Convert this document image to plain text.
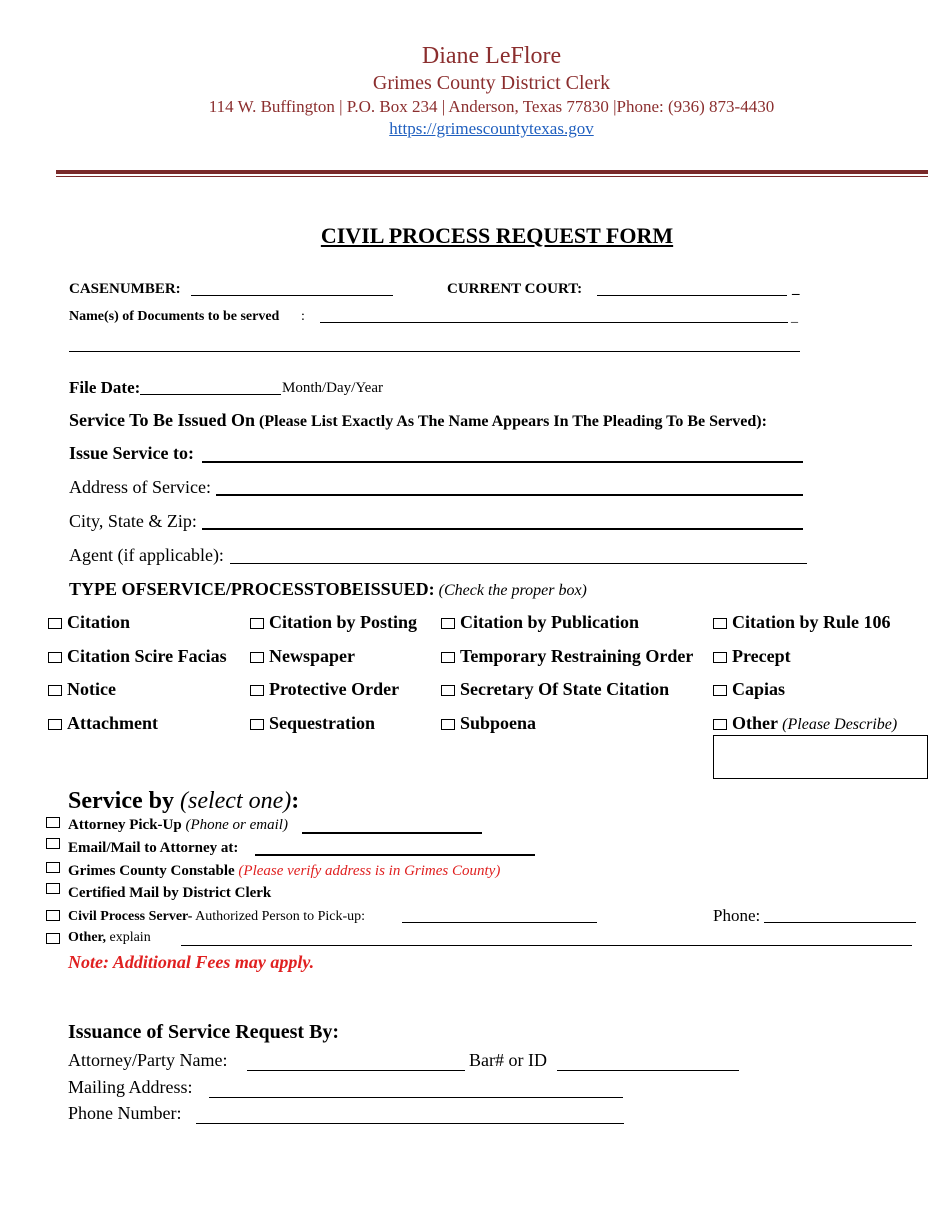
Diane LeFlore
Grimes County District Clerk
114 W. Buffington | P.O. Box 234 | Anderson, Texas 77830 |Phone: (936) 873-4430
https://grimescountytexas.gov
CIVIL PROCESS REQUEST FORM
CASENUMBER:	CURRENT COURT:	_
Name(s) of Documents to be served :	_
File Date:	Month/Day/Year
Service To Be Issued On (Please List Exactly As The Name Appears In The Pleading To Be Served):
Issue Service to:
Address of Service:
City, State & Zip:
Agent (if applicable):
TYPE OFSERVICE/PROCESSTOBEISSUED: (Check the proper box)
Citation	Citation by Posting	Citation by Publication	Citation by Rule 106
Citation Scire Facias	Newspaper	Temporary Restraining Order	Precept
Notice	Protective Order	Secretary Of State Citation	Capias
Attachment	Sequestration	Subpoena	Other (Please Describe)
Service by (select one):
Attorney Pick-Up (Phone or email)
Email/Mail to Attorney at:
Grimes County Constable (Please verify address is in Grimes County)
Certified Mail by District Clerk
Civil Process Server- Authorized Person to Pick-up:	Phone:
Other, explain
Note: Additional Fees may apply.
Issuance of Service Request By:
Attorney/Party Name:	Bar# or ID
Mailing Address:
Phone Number:
